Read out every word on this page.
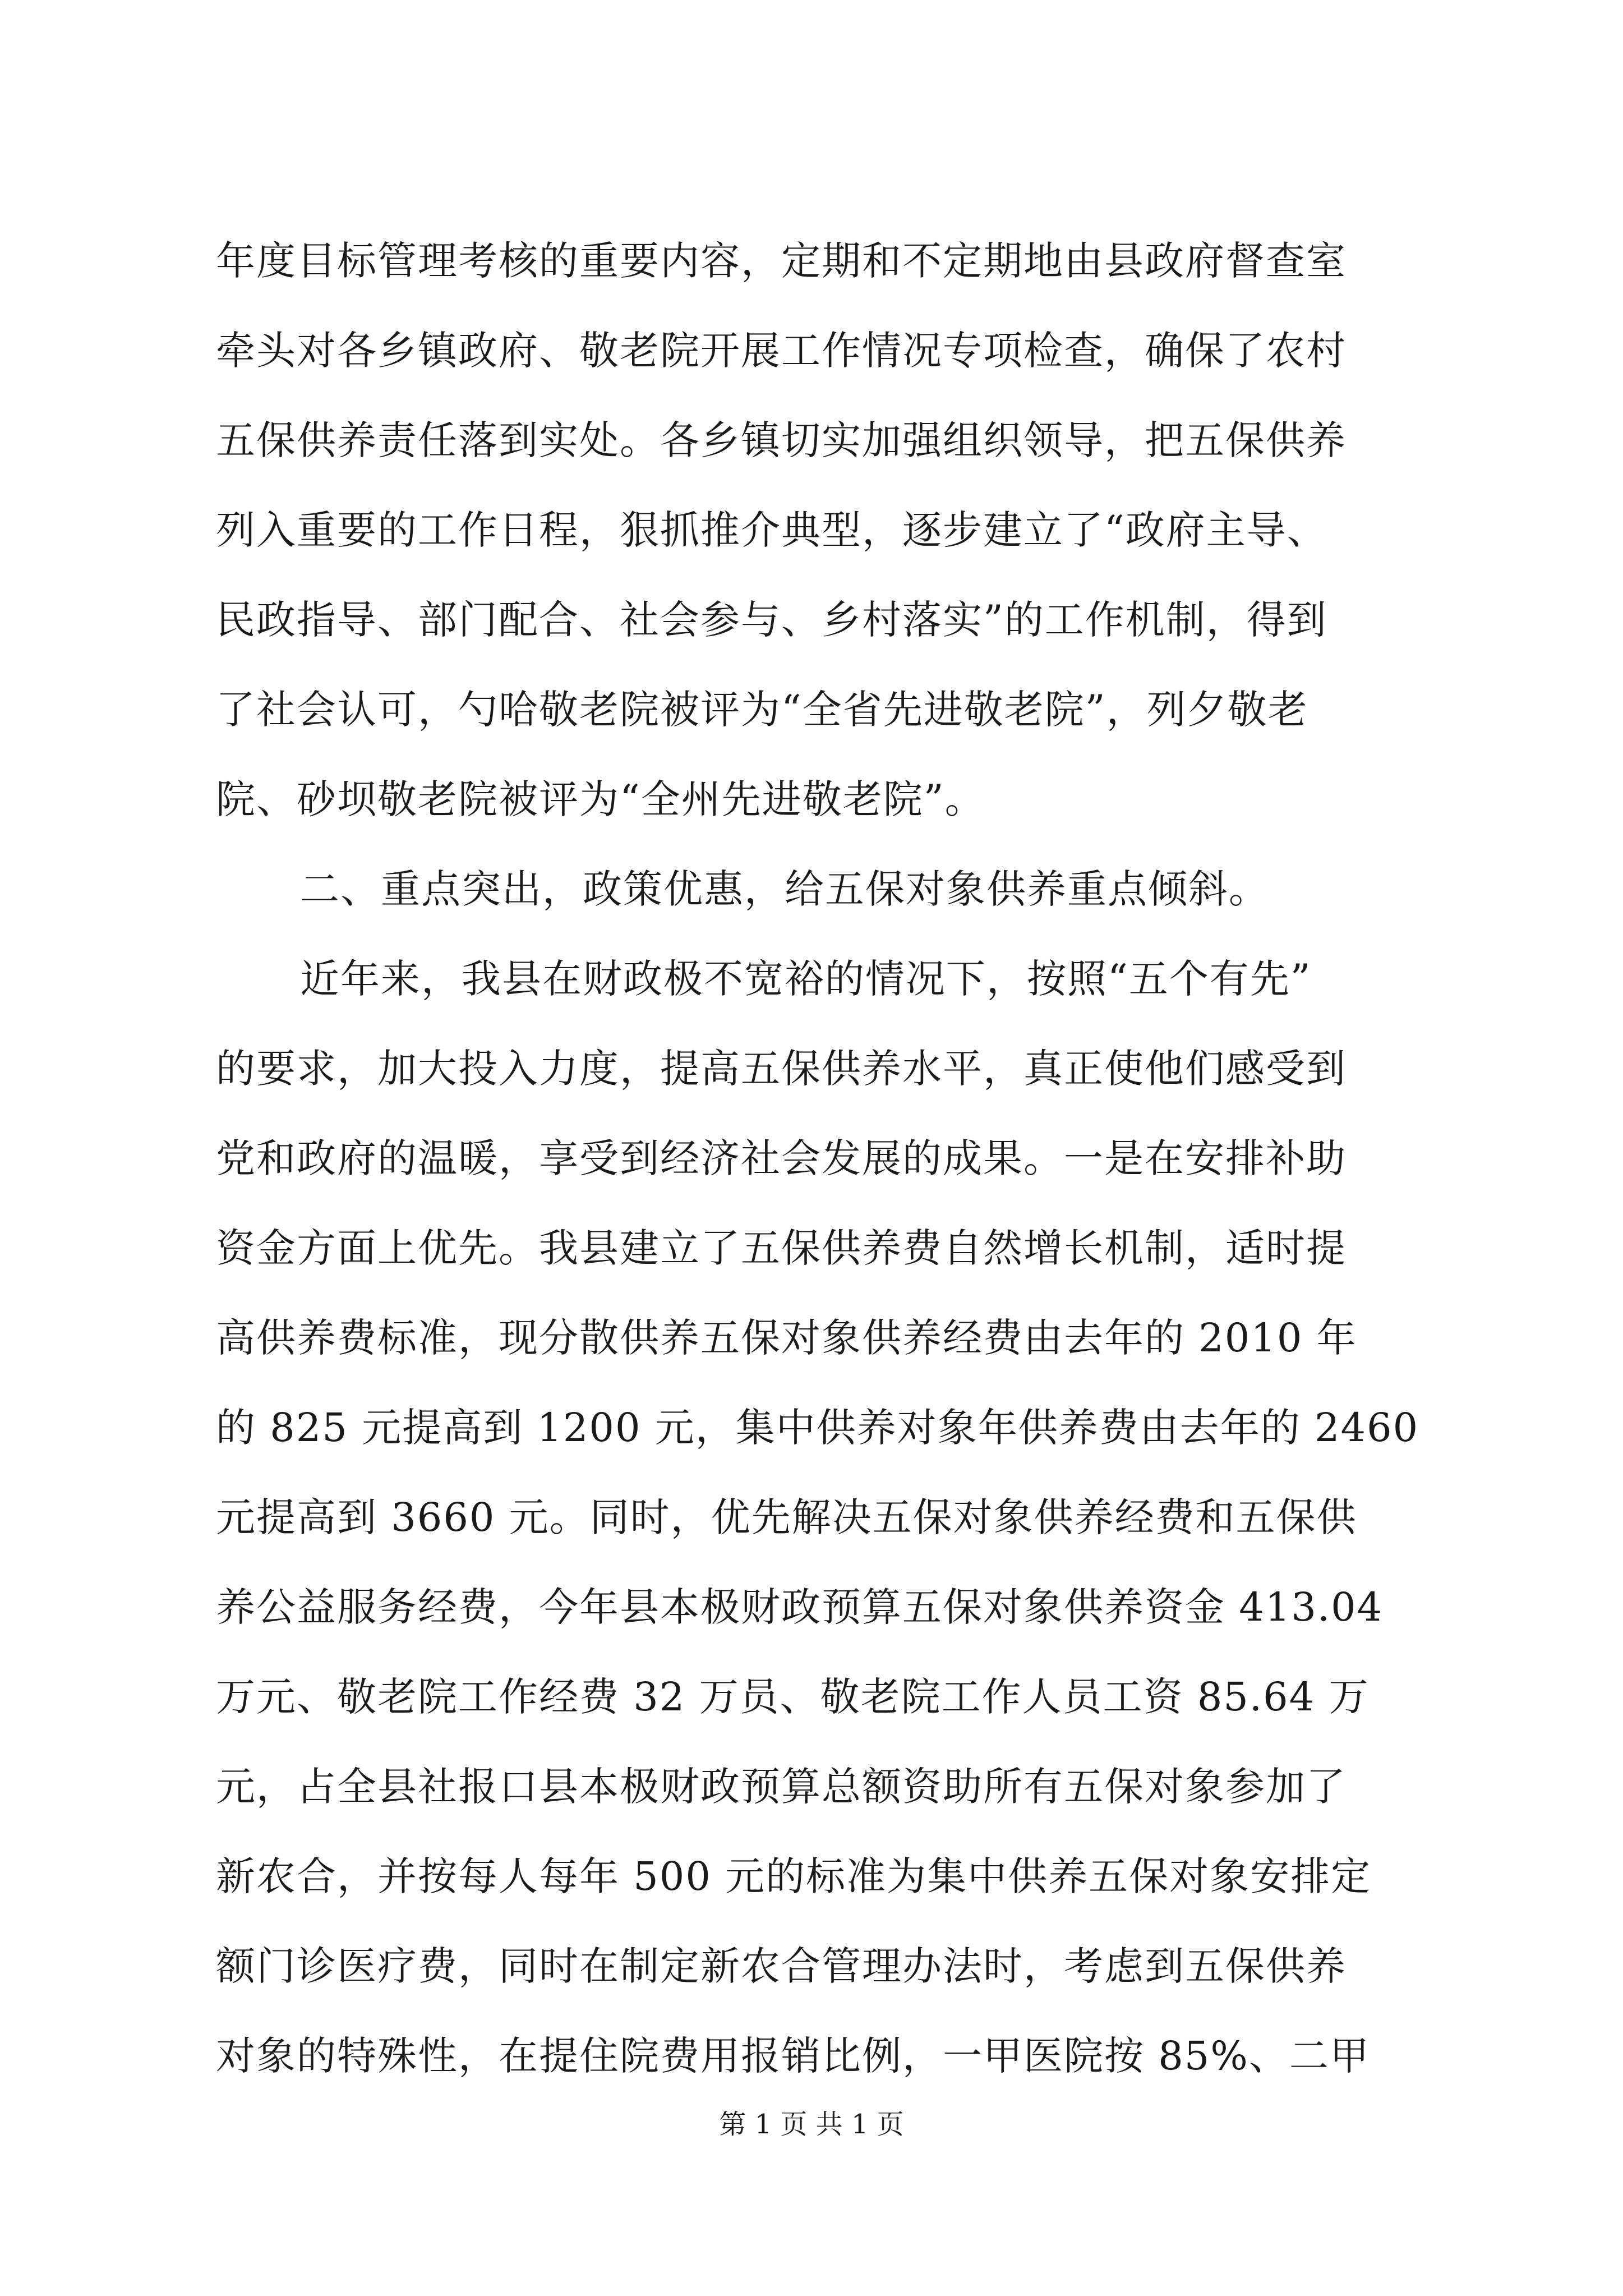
年度目标管理考核的重要内容，定期和不定期地由县政府督查室
牵头对各乡镇政府、敬老院开展工作情况专项检查，确保了农村
五保供养责任落到实处。各乡镇切实加强组织领导，把五保供养
列入重要的工作日程，狠抓推介典型，逐步建立了“政府主导、
民政指导、部门配合、社会参与、乡村落实”的工作机制，得到
了社会认可，勺哈敬老院被评为“全省先进敬老院”，列夕敬老
院、砂坝敬老院被评为“全州先进敬老院”。
二、重点突出，政策优惠，给五保对象供养重点倾斜。
近年来，我县在财政极不宽裕的情况下，按照“五个有先”
的要求，加大投入力度，提高五保供养水平，真正使他们感受到
党和政府的温暖，享受到经济社会发展的成果。一是在安排补助
资金方面上优先。我县建立了五保供养费自然增长机制，适时提
高供养费标准，现分散供养五保对象供养经费由去年的 2010 年
的 825 元提高到 1200 元，集中供养对象年供养费由去年的 2460
元提高到 3660 元。同时，优先解决五保对象供养经费和五保供
养公益服务经费，今年县本极财政预算五保对象供养资金 413.04
万元、敬老院工作经费 32 万员、敬老院工作人员工资 85.64 万
元，占全县社报口县本极财政预算总额资助所有五保对象参加了
新农合，并按每人每年 500 元的标准为集中供养五保对象安排定
额门诊医疗费，同时在制定新农合管理办法时，考虑到五保供养
对象的特殊性，在提住院费用报销比例，一甲医院按 85%、二甲
第 1 页 共 1 页
